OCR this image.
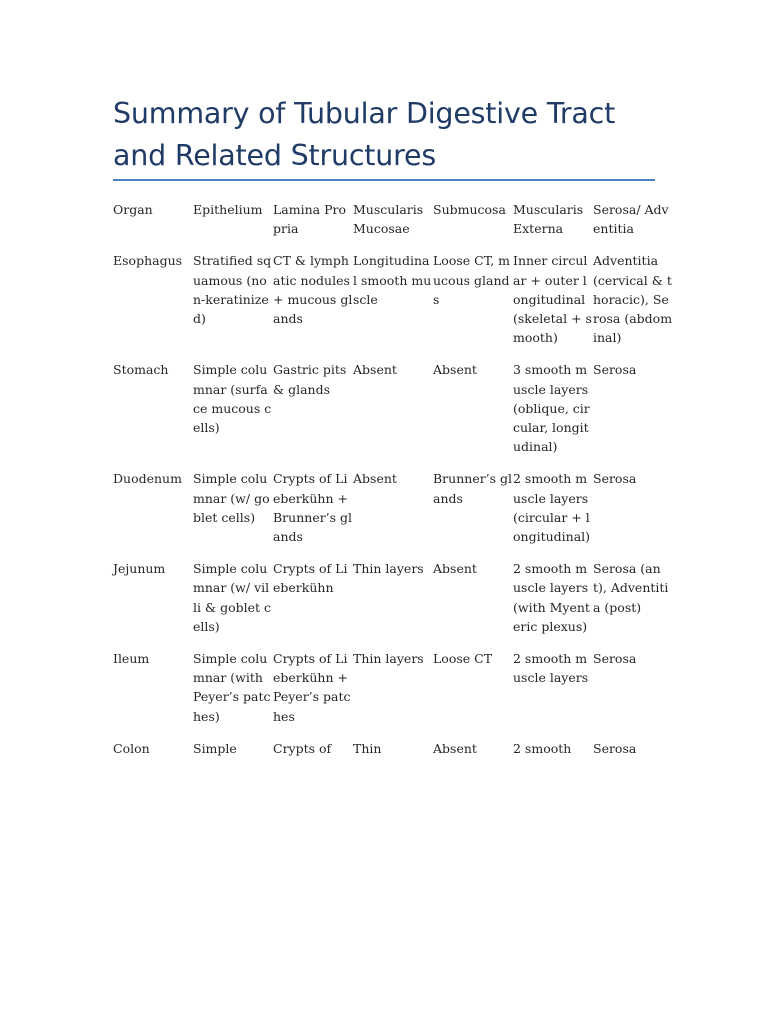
Summary of Tubular Digestive Tract and Related Structures
Organ	Epithelium	Lamina Propria	Muscularis Mucosae	Submucosa	Muscularis Externa	Serosa/ Adventitia
Esophagus	Stratified squamous (non-keratinized)	CT & lymphatic nodules + mucous glands	Longitudinal smooth muscle	Loose CT, mucous glands	Inner circular + outer longitudinal (skeletal + smooth)	Adventitia (cervical & thoracic), Serosa (abdominal)
Stomach	Simple columnar (surface mucous cells)	Gastric pits & glands	Absent	Absent	3 smooth muscle layers (oblique, circular, longitudinal)	Serosa
Duodenum	Simple columnar (w/ goblet cells)	Crypts of Lieberkühn + Brunner’s glands	Absent	Brunner’s glands	2 smooth muscle layers (circular + longitudinal)	Serosa
Jejunum	Simple columnar (w/ villi & goblet cells)	Crypts of Lieberkühn	Thin layers	Absent	2 smooth muscle layers (with Myenteric plexus)	Serosa (ant), Adventitia (post)
Ileum	Simple columnar (with Peyer’s patches)	Crypts of Lieberkühn + Peyer’s patches	Thin layers	Loose CT	2 smooth muscle layers	Serosa
Colon	Simple	Crypts of	Thin	Absent	2 smooth	Serosa
